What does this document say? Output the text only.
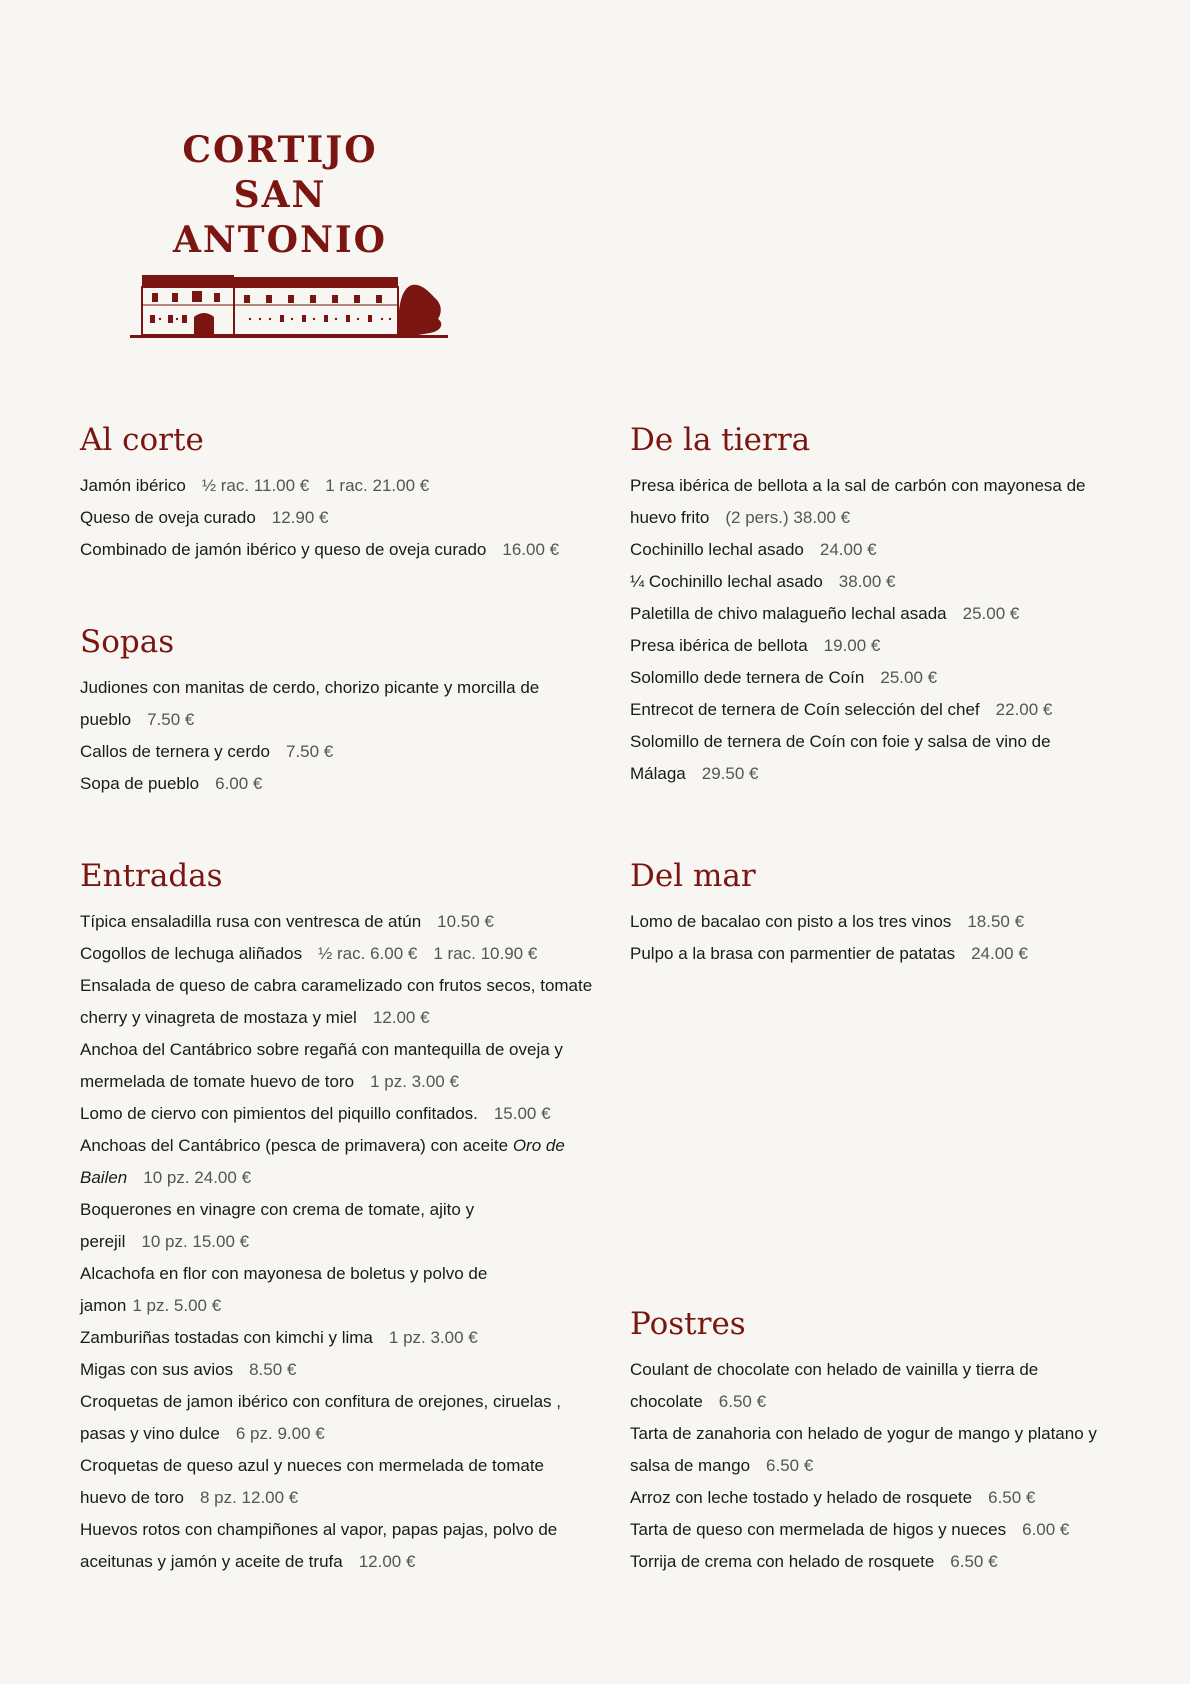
CORTIJO
SAN ANTONIO
Al corte
Jamón ibérico ½ rac. 11.00 € 1 rac. 21.00 €
Queso de oveja curado 12.90 €
Combinado de jamón ibérico y queso de oveja curado 16.00 €
Sopas
Judiones con manitas de cerdo, chorizo picante y morcilla de pueblo 7.50 €
Callos de ternera y cerdo 7.50 €
Sopa de pueblo 6.00 €
Entradas
Típica ensaladilla rusa con ventresca de atún 10.50 €
Cogollos de lechuga aliñados ½ rac. 6.00 € 1 rac. 10.90 €
Ensalada de queso de cabra caramelizado con frutos secos, tomate cherry y vinagreta de mostaza y miel 12.00 €
Anchoa del Cantábrico sobre regañá con mantequilla de oveja y mermelada de tomate huevo de toro 1 pz. 3.00 €
Lomo de ciervo con pimientos del piquillo confitados. 15.00 €
Anchoas del Cantábrico (pesca de primavera) con aceite Oro de Bailen 10 pz. 24.00 €
Boquerones en vinagre con crema de tomate, ajito y perejil 10 pz. 15.00 €
Alcachofa en flor con mayonesa de boletus y polvo de jamon 1 pz. 5.00 €
Zamburiñas tostadas con kimchi y lima 1 pz. 3.00 €
Migas con sus avios 8.50 €
Croquetas de jamon ibérico con confitura de orejones, ciruelas , pasas y vino dulce 6 pz. 9.00 €
Croquetas de queso azul y nueces con mermelada de tomate huevo de toro 8 pz. 12.00 €
Huevos rotos con champiñones al vapor, papas pajas, polvo de aceitunas y jamón y aceite de trufa 12.00 €
De la tierra
Presa ibérica de bellota a la sal de carbón con mayonesa de huevo frito (2 pers.) 38.00 €
Cochinillo lechal asado 24.00 €
¼ Cochinillo lechal asado 38.00 €
Paletilla de chivo malagueño lechal asada 25.00 €
Presa ibérica de bellota 19.00 €
Solomillo dede ternera de Coín 25.00 €
Entrecot de ternera de Coín selección del chef 22.00 €
Solomillo de ternera de Coín con foie y salsa de vino de Málaga 29.50 €
Del mar
Lomo de bacalao con pisto a los tres vinos 18.50 €
Pulpo a la brasa con parmentier de patatas 24.00 €
Postres
Coulant de chocolate con helado de vainilla y tierra de chocolate 6.50 €
Tarta de zanahoria con helado de yogur de mango y platano y salsa de mango 6.50 €
Arroz con leche tostado y helado de rosquete 6.50 €
Tarta de queso con mermelada de higos y nueces 6.00 €
Torrija de crema con helado de rosquete 6.50 €
